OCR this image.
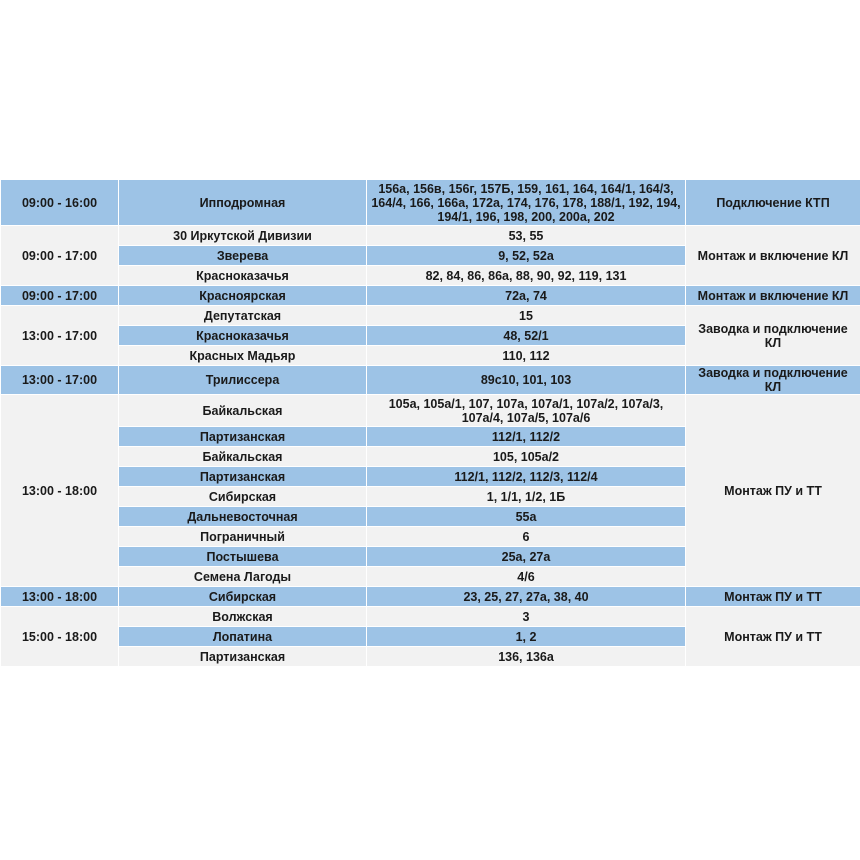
09:00 - 16:00	Ипподромная	156а, 156в, 156г, 157Б, 159, 161, 164, 164/1, 164/3, 164/4, 166, 166а, 172а, 174, 176, 178, 188/1, 192, 194, 194/1, 196, 198, 200, 200а, 202	Подключение КТП
09:00 - 17:00	30 Иркутской Дивизии	53, 55	Монтаж и включение КЛ
	Зверева	9, 52, 52а	
	Красноказачья	82, 84, 86, 86а, 88, 90, 92, 119, 131	
09:00 - 17:00	Красноярская	72а, 74	Монтаж и включение КЛ
13:00 - 17:00	Депутатская	15	Заводка и подключение КЛ
	Красноказачья	48, 52/1	
	Красных Мадьяр	110, 112	
13:00 - 17:00	Трилиссера	89с10, 101, 103	Заводка и подключение КЛ
13:00 - 18:00	Байкальская	105а, 105а/1, 107, 107а, 107а/1, 107а/2, 107а/3, 107а/4, 107а/5, 107а/6	Монтаж ПУ и ТТ
	Партизанская	112/1, 112/2	
	Байкальская	105, 105а/2	
	Партизанская	112/1, 112/2, 112/3, 112/4	
	Сибирская	1, 1/1, 1/2, 1Б	
	Дальневосточная	55а	
	Пограничный	6	
	Постышева	25а, 27а	
	Семена Лагоды	4/6	
13:00 - 18:00	Сибирская	23, 25, 27, 27а, 38, 40	Монтаж ПУ и ТТ
15:00 - 18:00	Волжская	3	Монтаж ПУ и ТТ
	Лопатина	1, 2	
	Партизанская	136, 136а	
